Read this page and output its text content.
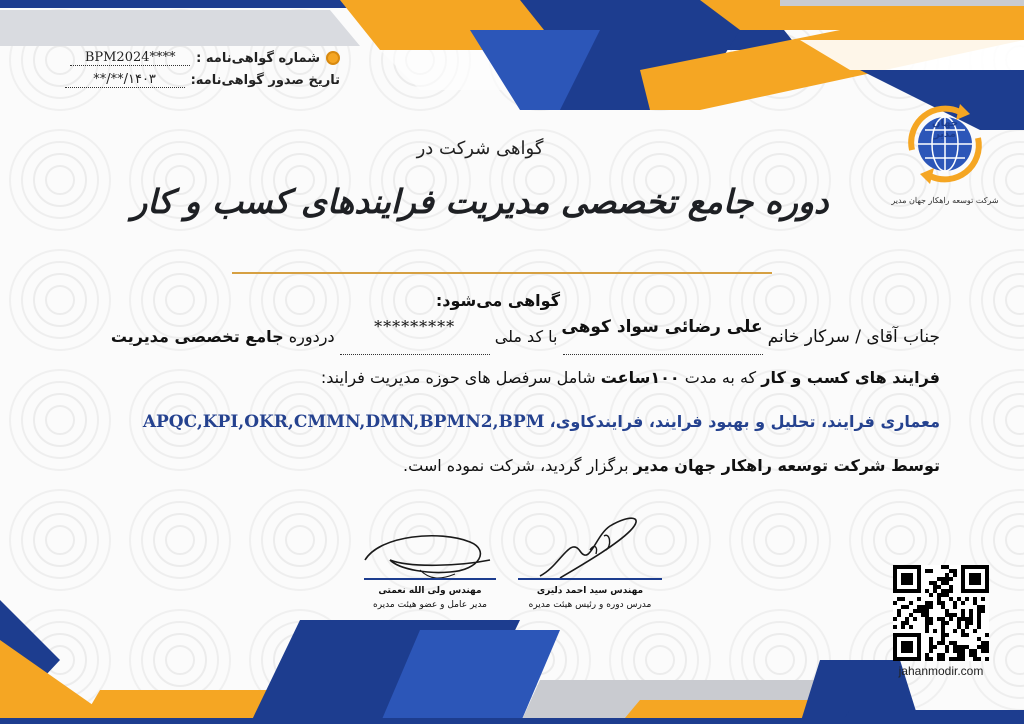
شماره گواهی‌نامه :
BPM2024****
تاریخ صدور گواهی‌نامه:
۱۴۰۳/**/**
جهان مدیر
شرکت توسعه راهکار جهان مدیر
گواهی شرکت در
دوره جامع تخصصی مدیریت فرایندهای کسب و کار
گواهی می‌شود:
جناب آقای / سرکار خانم علی رضائی سواد کوهی با کد ملی ********* دردوره جامع تخصصی مدیریت
فرایند های کسب و کار که به مدت ۱۰۰ساعت شامل سرفصل های حوزه مدیریت فرایند:
معماری فرایند، تحلیل و بهبود فرایند، فرایندکاوی، APQC,KPI,OKR,CMMN,DMN,BPMN2,BPM
توسط شرکت توسعه راهکار جهان مدیر برگزار گردید، شرکت نموده است.
مهندس سید احمد دلیری
مدرس دوره و رئیس هیئت مدیره
مهندس ولی الله نعمتی
مدیر عامل و عضو هیئت مدیره
jahanmodir.com
